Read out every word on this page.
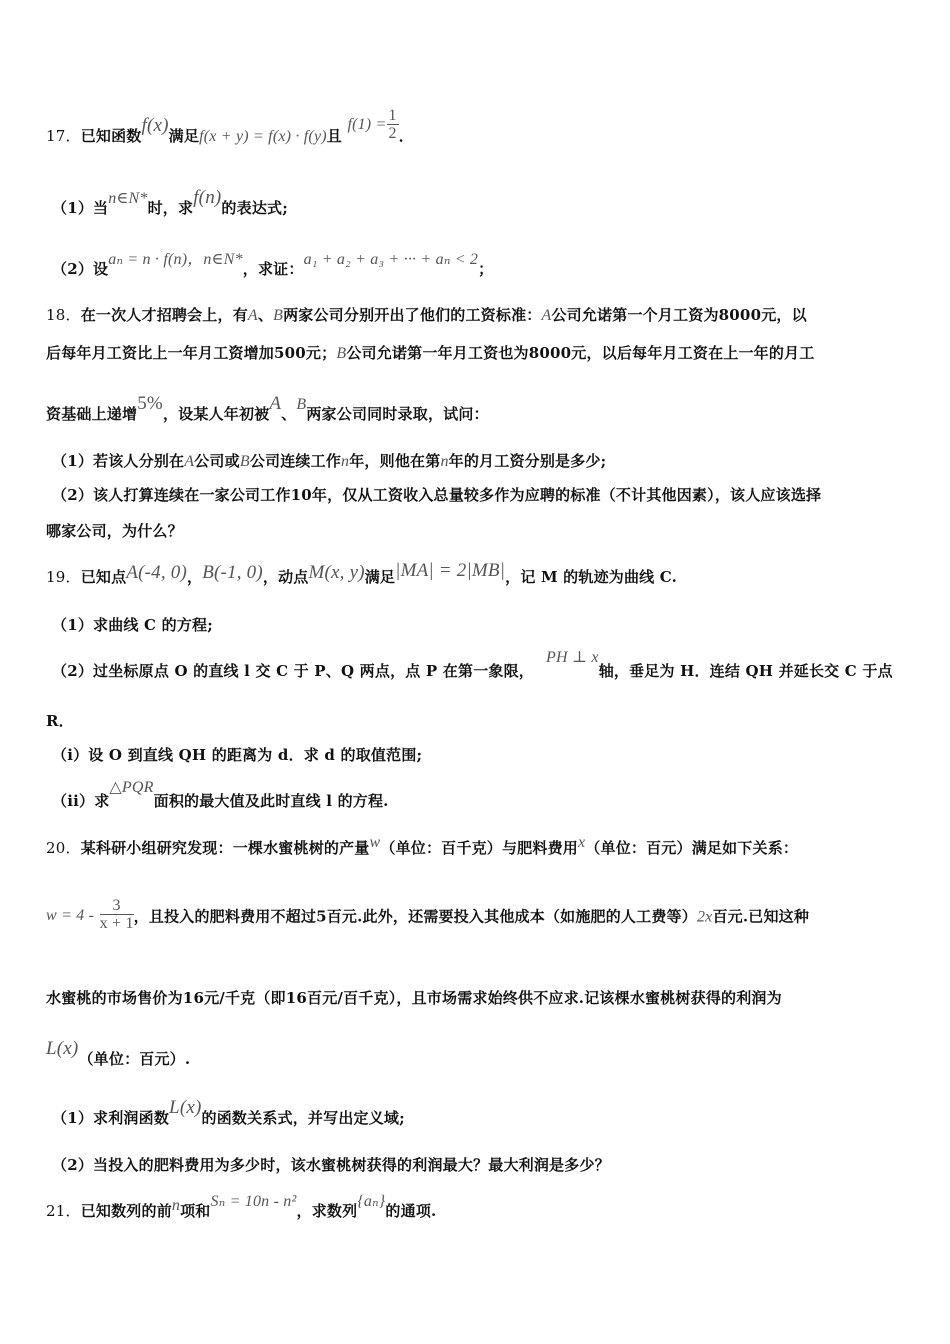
17．已知函数f(x)满足f(x + y) = f(x) · f(y)且 $f(1) = \frac{1}{2}$ ．
（1）当n∈N*时，求f(n)的表达式;
（2）设aₙ = n · f(n)，n∈N*，求证：a₁ + a₂ + a₃ + ··· + aₙ < 2；
18．在一次人才招聘会上，有A、B两家公司分别开出了他们的工资标准：A公司允诺第一个月工资为8000元，以
后每年月工资比上一年月工资增加500元；B公司允诺第一年月工资也为8000元，以后每年月工资在上一年的月工
资基础上递增5%，设某人年初被A、B两家公司同时录取，试问：
（1）若该人分别在A公司或B公司连续工作n年，则他在第n年的月工资分别是多少;
（2）该人打算连续在一家公司工作10年，仅从工资收入总量较多作为应聘的标准（不计其他因素），该人应该选择
哪家公司，为什么？
19．已知点A(-4, 0)，B(-1, 0)，动点M(x, y)满足|MA| = 2|MB|，记 M 的轨迹为曲线 C.
（1）求曲线 C 的方程;
（2）过坐标原点 O 的直线 l 交 C 于 P、Q 两点，点 P 在第一象限，PH ⊥ x轴，垂足为 H．连结 QH 并延长交 C 于点
R．
（i）设 O 到直线 QH 的距离为 d．求 d 的取值范围;
（ii）求△PQR面积的最大值及此时直线 l 的方程.
20．某科研小组研究发现：一棵水蜜桃树的产量w（单位：百千克）与肥料费用x（单位：百元）满足如下关系：
$w = 4 - \frac{3}{x + 1}$ ，且投入的肥料费用不超过5百元.此外，还需要投入其他成本（如施肥的人工费等）2x百元.已知这种
水蜜桃的市场售价为16元/千克（即16百元/百千克），且市场需求始终供不应求.记该棵水蜜桃树获得的利润为
L(x)（单位：百元）.
（1）求利润函数L(x)的函数关系式，并写出定义域;
（2）当投入的肥料费用为多少时，该水蜜桃树获得的利润最大？最大利润是多少？
21．已知数列的前n项和Sₙ = 10n - n²，求数列{aₙ}的通项.
